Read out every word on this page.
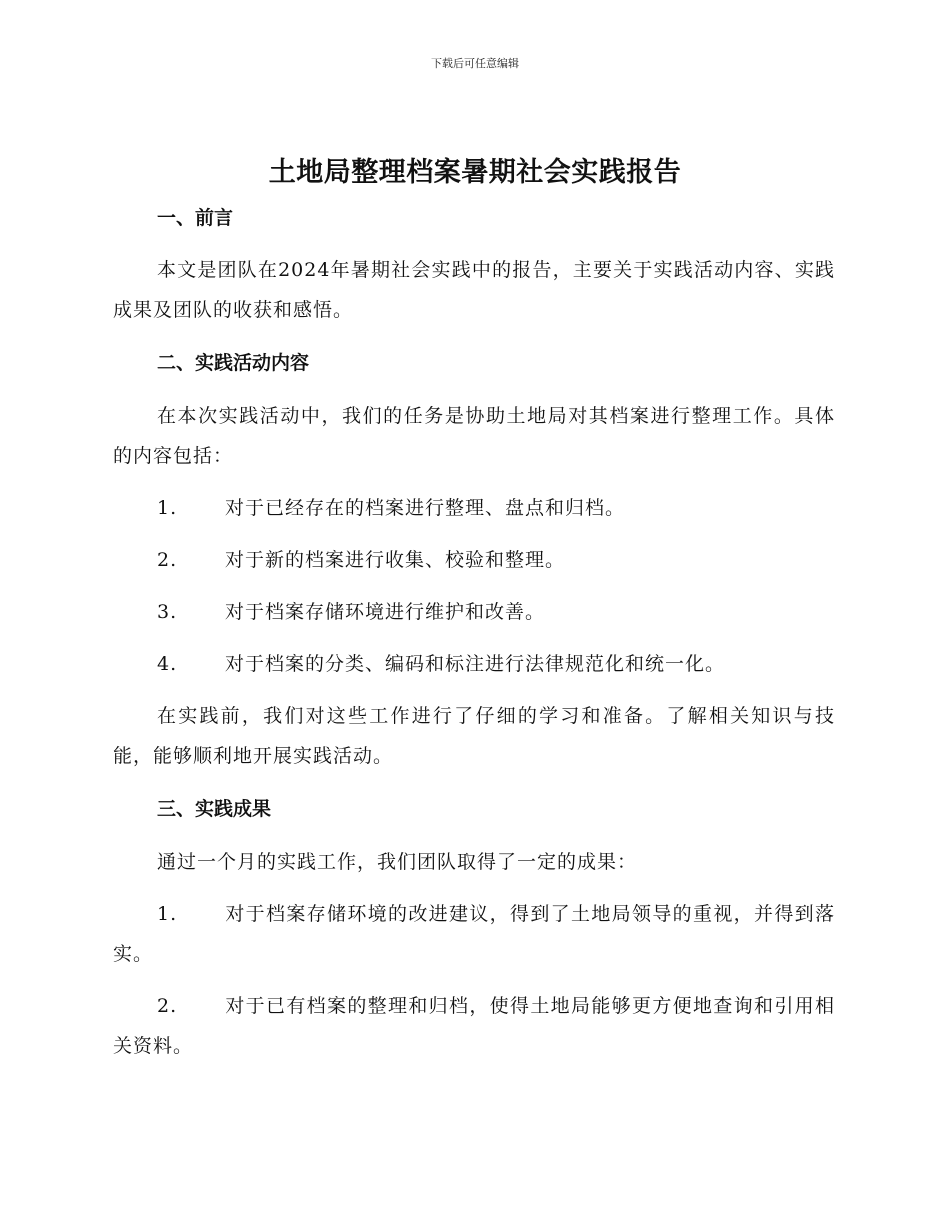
下载后可任意编辑
土地局整理档案暑期社会实践报告
一、前言

本文是团队在2024年暑期社会实践中的报告，主要关于实践活动内容、实践成果及团队的收获和感悟。

二、实践活动内容

在本次实践活动中，我们的任务是协助土地局对其档案进行整理工作。具体的内容包括：

1.	对于已经存在的档案进行整理、盘点和归档。
2.	对于新的档案进行收集、校验和整理。
3.	对于档案存储环境进行维护和改善。
4.	对于档案的分类、编码和标注进行法律规范化和统一化。

在实践前，我们对这些工作进行了仔细的学习和准备。了解相关知识与技能，能够顺利地开展实践活动。

三、实践成果

通过一个月的实践工作，我们团队取得了一定的成果：

1.	对于档案存储环境的改进建议，得到了土地局领导的重视，并得到落实。

2.	对于已有档案的整理和归档，使得土地局能够更方便地查询和引用相关资料。
